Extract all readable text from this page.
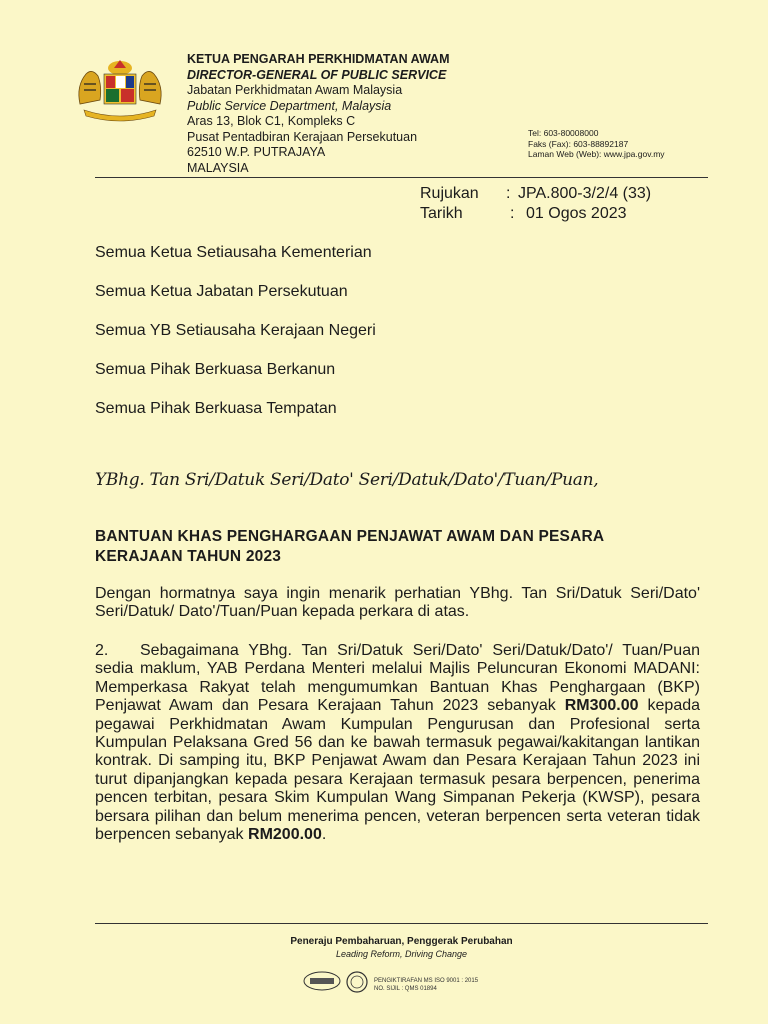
KETUA PENGARAH PERKHIDMATAN AWAM
DIRECTOR-GENERAL OF PUBLIC SERVICE
Jabatan Perkhidmatan Awam Malaysia
Public Service Department, Malaysia
Aras 13, Blok C1, Kompleks C
Pusat Pentadbiran Kerajaan Persekutuan
62510 W.P. PUTRAJAYA
MALAYSIA
Tel: 603-80008000
Faks (Fax): 603-88892187
Laman Web (Web): www.jpa.gov.my
Rujukan : JPA.800-3/2/4 (33)
Tarikh	: 01 Ogos 2023
Semua Ketua Setiausaha Kementerian
Semua Ketua Jabatan Persekutuan
Semua YB Setiausaha Kerajaan Negeri
Semua Pihak Berkuasa Berkanun
Semua Pihak Berkuasa Tempatan
YBhg. Tan Sri/Datuk Seri/Dato' Seri/Datuk/Dato'/Tuan/Puan,
BANTUAN KHAS PENGHARGAAN PENJAWAT AWAM DAN PESARA KERAJAAN TAHUN 2023
Dengan hormatnya saya ingin menarik perhatian YBhg. Tan Sri/Datuk Seri/Dato' Seri/Datuk/ Dato'/Tuan/Puan kepada perkara di atas.
2. Sebagaimana YBhg. Tan Sri/Datuk Seri/Dato' Seri/Datuk/Dato'/ Tuan/Puan sedia maklum, YAB Perdana Menteri melalui Majlis Peluncuran Ekonomi MADANI: Memperkasa Rakyat telah mengumumkan Bantuan Khas Penghargaan (BKP) Penjawat Awam dan Pesara Kerajaan Tahun 2023 sebanyak RM300.00 kepada pegawai Perkhidmatan Awam Kumpulan Pengurusan dan Profesional serta Kumpulan Pelaksana Gred 56 dan ke bawah termasuk pegawai/kakitangan lantikan kontrak. Di samping itu, BKP Penjawat Awam dan Pesara Kerajaan Tahun 2023 ini turut dipanjangkan kepada pesara Kerajaan termasuk pesara berpencen, penerima pencen terbitan, pesara Skim Kumpulan Wang Simpanan Pekerja (KWSP), pesara bersara pilihan dan belum menerima pencen, veteran berpencen serta veteran tidak berpencen sebanyak RM200.00.
Peneraju Pembaharuan, Penggerak Perubahan
Leading Reform, Driving Change
PENGIKTIRAFAN MS ISO 9001 : 2015
NO. SIJIL : QMS 01894
